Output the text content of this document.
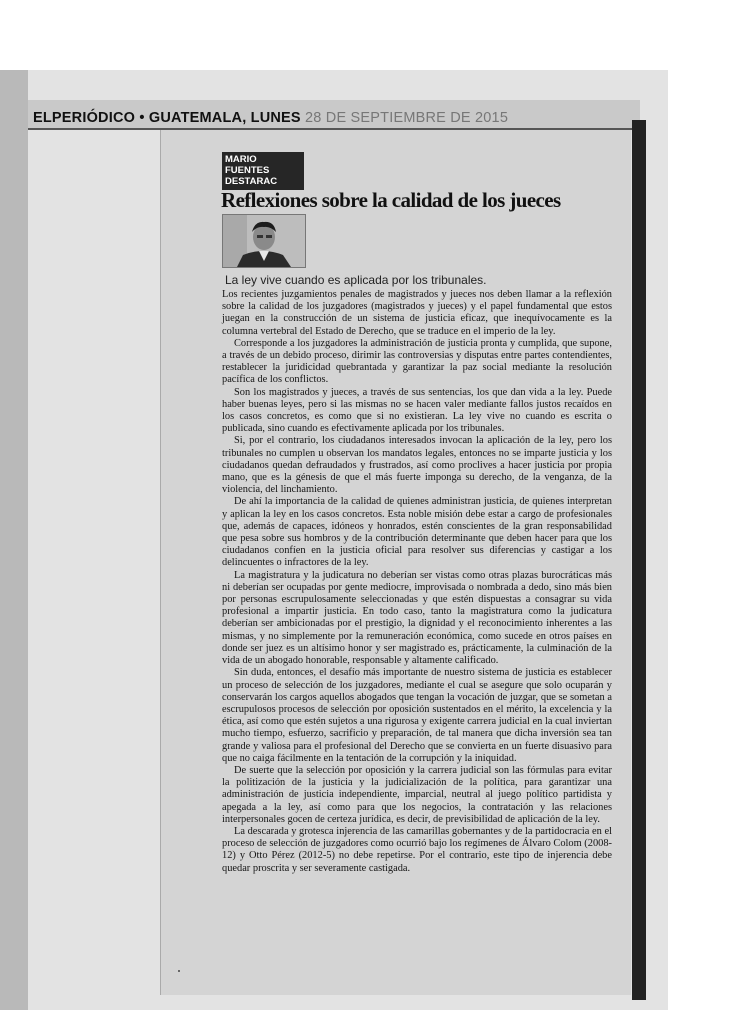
ELPERIÓDICO • GUATEMALA, LUNES 28 DE SEPTIEMBRE DE 2015
MARIO FUENTES DESTARAC
Reflexiones sobre la calidad de los jueces
La ley vive cuando es aplicada por los tribunales.

Los recientes juzgamientos penales de magistrados y jueces nos deben llamar a la reflexión sobre la calidad de los juzgadores (magistrados y jueces) y el papel fundamental que estos juegan en la construcción de un sistema de justicia eficaz, que inequívocamente es la columna vertebral del Estado de Derecho, que se traduce en el imperio de la ley.

Corresponde a los juzgadores la administración de justicia pronta y cumplida, que supone, a través de un debido proceso, dirimir las controversias y disputas entre partes contendientes, restablecer la juridicidad quebrantada y garantizar la paz social mediante la resolución pacífica de los conflictos.

Son los magistrados y jueces, a través de sus sentencias, los que dan vida a la ley. Puede haber buenas leyes, pero si las mismas no se hacen valer mediante fallos justos recaídos en los casos concretos, es como que si no existieran. La ley vive no cuando es escrita o publicada, sino cuando es efectivamente aplicada por los tribunales.

Si, por el contrario, los ciudadanos interesados invocan la aplicación de la ley, pero los tribunales no cumplen u observan los mandatos legales, entonces no se imparte justicia y los ciudadanos quedan defraudados y frustrados, así como proclives a hacer justicia por propia mano, que es la génesis de que el más fuerte imponga su derecho, de la venganza, de la violencia, del linchamiento.

De ahí la importancia de la calidad de quienes administran justicia, de quienes interpretan y aplican la ley en los casos concretos. Esta noble misión debe estar a cargo de profesionales que, además de capaces, idóneos y honrados, estén conscientes de la gran responsabilidad que pesa sobre sus hombros y de la contribución determinante que deben hacer para que los ciudadanos confíen en la justicia oficial para resolver sus diferencias y castigar a los delincuentes o infractores de la ley.

La magistratura y la judicatura no deberían ser vistas como otras plazas burocráticas más ni deberían ser ocupadas por gente mediocre, improvisada o nombrada a dedo, sino más bien por personas escrupulosamente seleccionadas y que estén dispuestas a consagrar su vida profesional a impartir justicia. En todo caso, tanto la magistratura como la judicatura deberían ser ambicionadas por el prestigio, la dignidad y el reconocimiento inherentes a las mismas, y no simplemente por la remuneración económica, como sucede en otros países en donde ser juez es un altísimo honor y ser magistrado es, prácticamente, la culminación de la vida de un abogado honorable, responsable y altamente calificado.

Sin duda, entonces, el desafío más importante de nuestro sistema de justicia es establecer un proceso de selección de los juzgadores, mediante el cual se asegure que solo ocuparán y conservarán los cargos aquellos abogados que tengan la vocación de juzgar, que se sometan a escrupulosos procesos de selección por oposición sustentados en el mérito, la excelencia y la ética, así como que estén sujetos a una rigurosa y exigente carrera judicial en la cual inviertan mucho tiempo, esfuerzo, sacrificio y preparación, de tal manera que dicha inversión sea tan grande y valiosa para el profesional del Derecho que se convierta en un fuerte disuasivo para que no caiga fácilmente en la tentación de la corrupción y la iniquidad.

De suerte que la selección por oposición y la carrera judicial son las fórmulas para evitar la politización de la justicia y la judicialización de la política, para garantizar una administración de justicia independiente, imparcial, neutral al juego político partidista y apegada a la ley, así como para que los negocios, la contratación y las relaciones interpersonales gocen de certeza jurídica, es decir, de previsibilidad de aplicación de la ley.

La descarada y grotesca injerencia de las camarillas gobernantes y de la partidocracia en el proceso de selección de juzgadores como ocurrió bajo los regímenes de Álvaro Colom (2008-12) y Otto Pérez (2012-5) no debe repetirse. Por el contrario, este tipo de injerencia debe quedar proscrita y ser severamente castigada.
